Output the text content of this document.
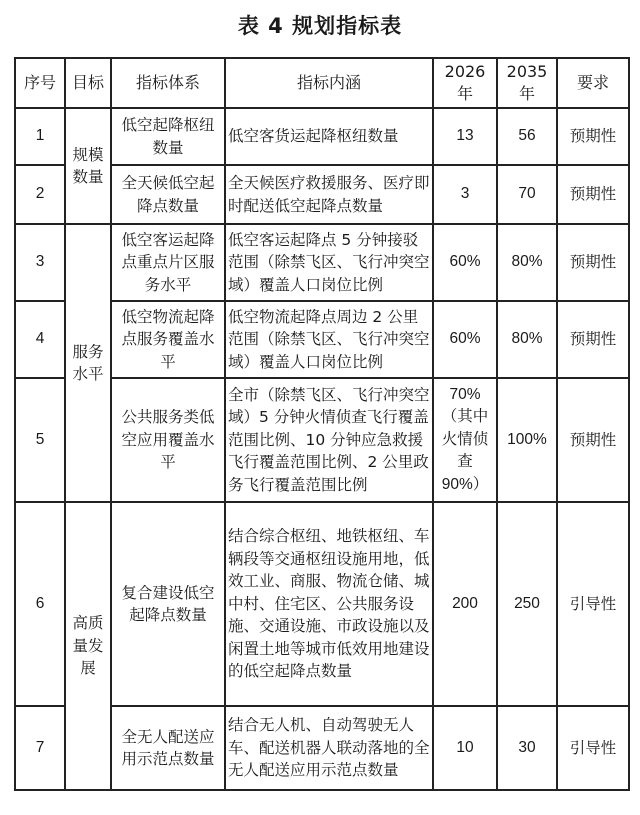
表 4 规划指标表
序号	目标	指标体系	指标内涵	2026 年	2035 年	要求
1	规模数量	低空起降枢纽数量	低空客货运起降枢纽数量	13	56	预期性
2		全天候低空起降点数量	全天候医疗救援服务、医疗即时配送低空起降点数量	3	70	预期性
3	服务水平	低空客运起降点重点片区服务水平	低空客运起降点 5 分钟接驳范围（除禁飞区、飞行冲突空域）覆盖人口岗位比例	60%	80%	预期性
4		低空物流起降点服务覆盖水平	低空物流起降点周边 2 公里范围（除禁飞区、飞行冲突空域）覆盖人口岗位比例	60%	80%	预期性
5		公共服务类低空应用覆盖水平	全市（除禁飞区、飞行冲突空域）5 分钟火情侦查飞行覆盖范围比例、10 分钟应急救援飞行覆盖范围比例、2 公里政务飞行覆盖范围比例	70%（其中火情侦查 90%）	100%	预期性
6	高质量发展	复合建设低空起降点数量	结合综合枢纽、地铁枢纽、车辆段等交通枢纽设施用地，低效工业、商服、物流仓储、城中村、住宅区、公共服务设施、交通设施、市政设施以及闲置土地等城市低效用地建设的低空起降点数量	200	250	引导性
7		全无人配送应用示范点数量	结合无人机、自动驾驶无人车、配送机器人联动落地的全无人配送应用示范点数量	10	30	引导性
